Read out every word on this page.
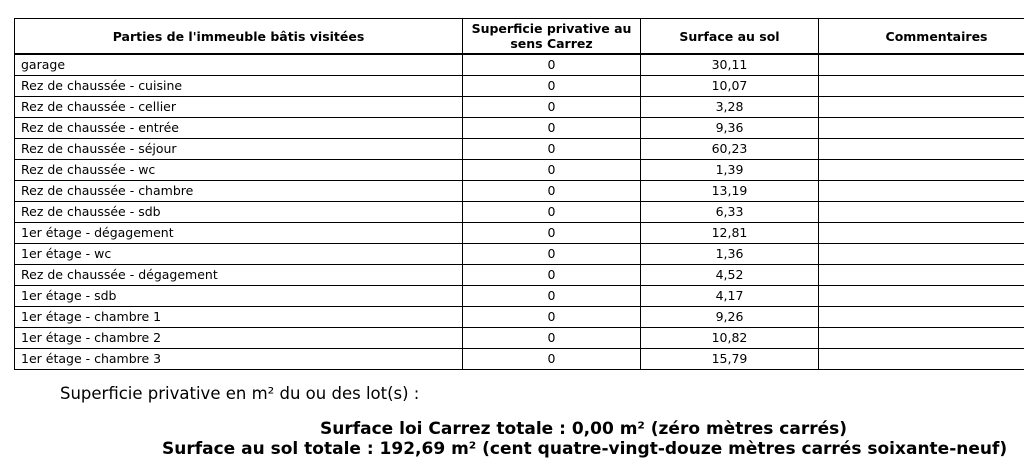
Parties de l'immeuble bâtis visitées	Superficie privative au sens Carrez	Surface au sol	Commentaires
garage	0	30,11	
Rez de chaussée - cuisine	0	10,07	
Rez de chaussée - cellier	0	3,28	
Rez de chaussée - entrée	0	9,36	
Rez de chaussée - séjour	0	60,23	
Rez de chaussée - wc	0	1,39	
Rez de chaussée - chambre	0	13,19	
Rez de chaussée - sdb	0	6,33	
1er étage - dégagement	0	12,81	
1er étage - wc	0	1,36	
Rez de chaussée - dégagement	0	4,52	
1er étage - sdb	0	4,17	
1er étage - chambre 1	0	9,26	
1er étage - chambre 2	0	10,82	
1er étage - chambre 3	0	15,79	
Superficie privative en m² du ou des lot(s) :
Surface loi Carrez totale : 0,00 m² (zéro mètres carrés)
Surface au sol totale : 192,69 m² (cent quatre-vingt-douze mètres carrés soixante-neuf)
